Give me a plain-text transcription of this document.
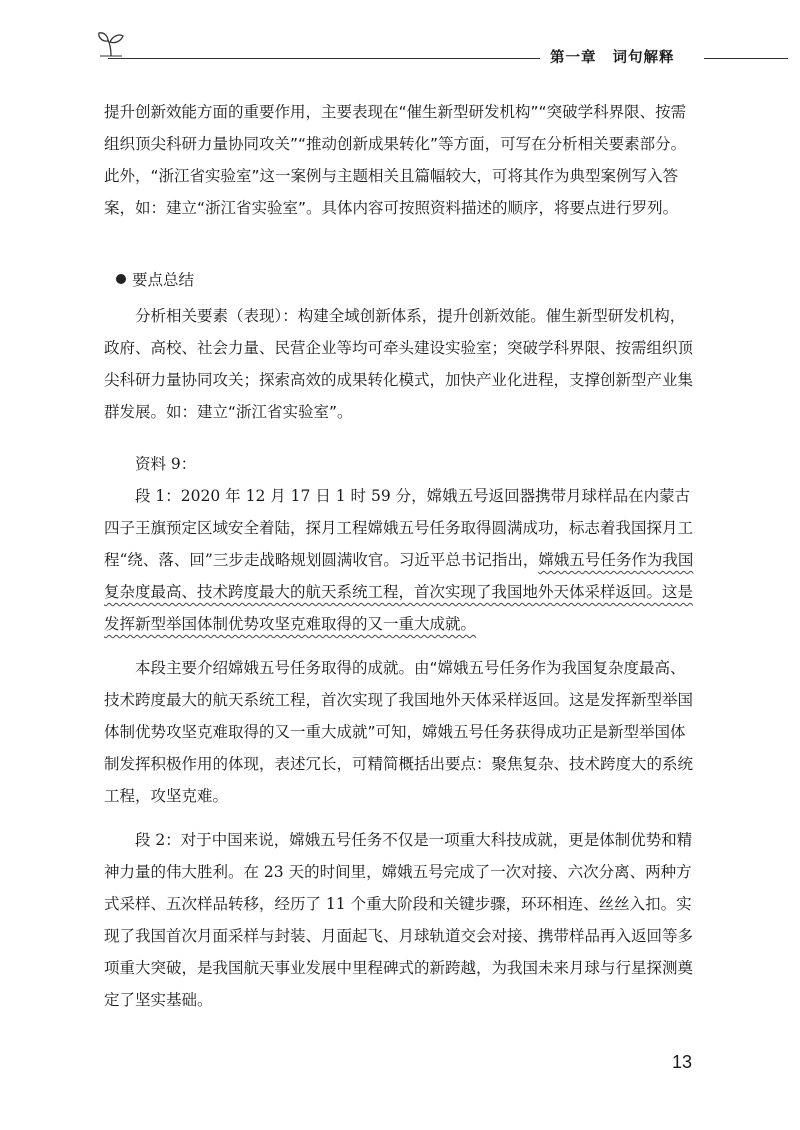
第一章 词句解释

提升创新效能方面的重要作用，主要表现在“催生新型研发机构”“突破学科界限、按需组织顶尖科研力量协同攻关”“推动创新成果转化”等方面，可写在分析相关要素部分。此外，“浙江省实验室”这一案例与主题相关且篇幅较大，可将其作为典型案例写入答案，如：建立“浙江省实验室”。具体内容可按照资料描述的顺序，将要点进行罗列。

要点总结

分析相关要素（表现）：构建全域创新体系，提升创新效能。催生新型研发机构，政府、高校、社会力量、民营企业等均可牵头建设实验室；突破学科界限、按需组织顶尖科研力量协同攻关；探索高效的成果转化模式，加快产业化进程，支撑创新型产业集群发展。如：建立“浙江省实验室”。

资料 9：

段 1：2020 年 12 月 17 日 1 时 59 分，嫦娥五号返回器携带月球样品在内蒙古四子王旗预定区域安全着陆，探月工程嫦娥五号任务取得圆满成功，标志着我国探月工程“绕、落、回”三步走战略规划圆满收官。习近平总书记指出，嫦娥五号任务作为我国复杂度最高、技术跨度最大的航天系统工程，首次实现了我国地外天体采样返回。这是发挥新型举国体制优势攻坚克难取得的又一重大成就。

本段主要介绍嫦娥五号任务取得的成就。由“嫦娥五号任务作为我国复杂度最高、技术跨度最大的航天系统工程，首次实现了我国地外天体采样返回。这是发挥新型举国体制优势攻坚克难取得的又一重大成就”可知，嫦娥五号任务获得成功正是新型举国体制发挥积极作用的体现，表述冗长，可精简概括出要点：聚焦复杂、技术跨度大的系统工程，攻坚克难。

段 2：对于中国来说，嫦娥五号任务不仅是一项重大科技成就，更是体制优势和精神力量的伟大胜利。在 23 天的时间里，嫦娥五号完成了一次对接、六次分离、两种方式采样、五次样品转移，经历了 11 个重大阶段和关键步骤，环环相连、丝丝入扣。实现了我国首次月面采样与封装、月面起飞、月球轨道交会对接、携带样品再入返回等多项重大突破，是我国航天事业发展中里程碑式的新跨越，为我国未来月球与行星探测奠定了坚实基础。

13
